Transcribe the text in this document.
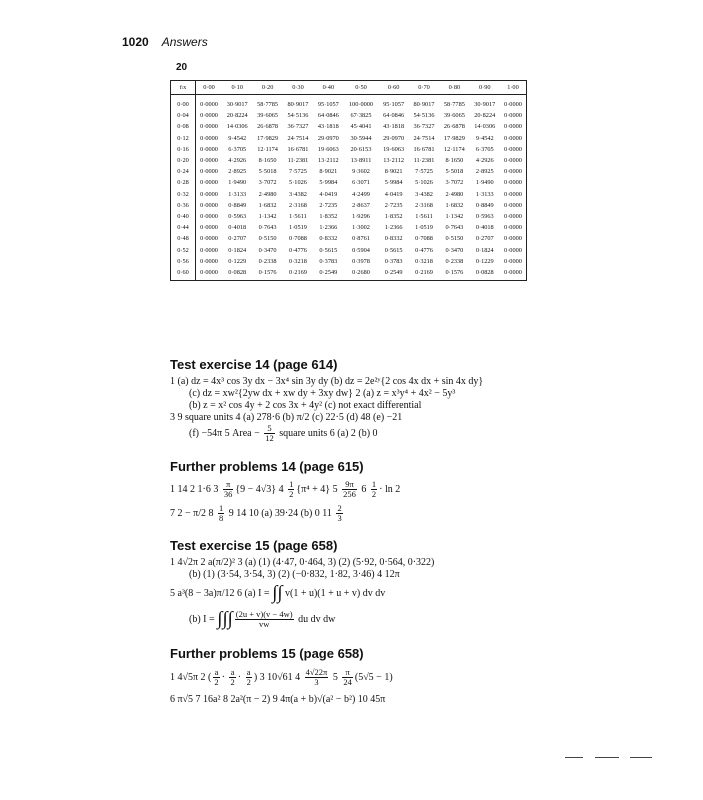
1020 Answers
20
t\x	0·00	0·10	0·20	0·30	0·40	0·50	0·60	0·70	0·80	0·90	1·00
0·00	0·0000	30·9017	58·7785	80·9017	95·1057	100·0000	95·1057	80·9017	58·7785	30·9017	0·0000
0·04	0·0000	20·8224	39·6065	54·5136	64·0846	67·3825	64·0846	54·5136	39·6065	20·8224	0·0000
0·08	0·0000	14·0306	26·6878	36·7327	43·1818	45·4041	43·1818	36·7327	26·6878	14·0306	0·0000
0·12	0·0000	9·4542	17·9829	24·7514	29·0970	30·5944	29·0970	24·7514	17·9829	9·4542	0·0000
0·16	0·0000	6·3705	12·1174	16·6781	19·6063	20·6153	19·6063	16·6781	12·1174	6·3705	0·0000
0·20	0·0000	4·2926	8·1650	11·2381	13·2112	13·8911	13·2112	11·2381	8·1650	4·2926	0·0000
0·24	0·0000	2·8925	5·5018	7·5725	8·9021	9·3602	8·9021	7·5725	5·5018	2·8925	0·0000
0·28	0·0000	1·9490	3·7072	5·1026	5·9984	6·3071	5·9984	5·1026	3·7072	1·9490	0·0000
0·32	0·0000	1·3133	2·4980	3·4382	4·0419	4·2499	4·0419	3·4382	2·4980	1·3133	0·0000
0·36	0·0000	0·8849	1·6832	2·3168	2·7235	2·8637	2·7235	2·3168	1·6832	0·8849	0·0000
0·40	0·0000	0·5963	1·1342	1·5611	1·8352	1·9296	1·8352	1·5611	1·1342	0·5963	0·0000
0·44	0·0000	0·4018	0·7643	1·0519	1·2366	1·3002	1·2366	1·0519	0·7643	0·4018	0·0000
0·48	0·0000	0·2707	0·5150	0·7088	0·8332	0·8761	0·8332	0·7088	0·5150	0·2707	0·0000
0·52	0·0000	0·1824	0·3470	0·4776	0·5615	0·5904	0·5615	0·4776	0·3470	0·1824	0·0000
0·56	0·0000	0·1229	0·2338	0·3218	0·3783	0·3978	0·3783	0·3218	0·2338	0·1229	0·0000
0·60	0·0000	0·0828	0·1576	0·2169	0·2549	0·2680	0·2549	0·2169	0·1576	0·0828	0·0000
Test exercise 14 (page 614)
1 (a) dz = 4x³ cos 3y dx − 3x⁴ sin 3y dy (b) dz = 2e²ʸ{2 cos 4x dx + sin 4x dy}
(c) dz = xw²{2yw dx + xw dy + 3xy dw} 2 (a) z = x³y⁴ + 4x² − 5y³
(b) z = x² cos 4y + 2 cos 3x + 4y² (c) not exact differential
3 9 square units 4 (a) 278·6 (b) π/2 (c) 22·5 (d) 48 (e) −21
(f) −54π 5 Area − $\frac{5}{12}$ square units 6 (a) 2 (b) 0
Further problems 14 (page 615)
1 14 2 1·6 $3 \frac{\pi}{36} \{9 - 4√3\}$ $4 \frac{1}{2} \{\pi^4 + 4\}$ $5 \frac{9\pi}{256} 6 \frac{1}{2} \cdot \ln 2$
7 2 − π/2 $8 \frac{1}{8} 9$ 14 10 (a) 39·24 (b) 0 $11 \frac{2}{3}$
Test exercise 15 (page 658)
1 4√2π 2 a(π/2)² 3 (a) (1) (4·47, 0·464, 3) (2) (5·92, 0·564, 0·322)
(b) (1) (3·54, 3·54, 3) (2) (−0·832, 1·82, 3·46) 4 12π
5 a³(8 − 3a)π/12 6 (a) I = ∫∫ v(1 + u)(1 + u + v) dv dv
(b) I = ∫∫∫ $\frac{(2u + v)(v - 4w)}{vw}$ du dv dw
Further problems 15 (page 658)
1 4√5π 2 ( $\frac{a}{2} \cdot \frac{a}{2} \cdot \frac{a}{2}$ ) 3 10√61 $4 \frac{4√22\pi}{3} 5 \frac{\pi}{24} (5√5 - 1)$
6 π√5 7 16a² 8 2a²(π − 2) 9 4π(a + b)√(a² − b²) 10 45π
